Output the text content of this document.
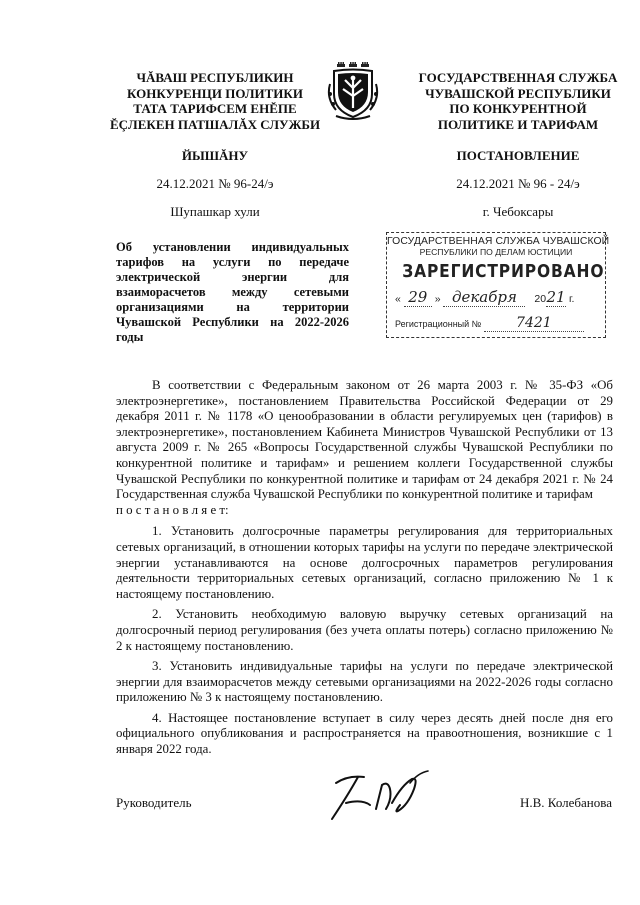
ЧĂВАШ РЕСПУБЛИКИН
КОНКУРЕНЦИ ПОЛИТИКИ
ТАТА ТАРИФСЕМ ЕНĔПЕ
ĔÇЛЕКЕН ПАТШАЛĂХ СЛУЖБИ
ЙЫШĂНУ
24.12.2021 № 96-24/э
Шупашкар хули
ГОСУДАРСТВЕННАЯ СЛУЖБА
ЧУВАШСКОЙ РЕСПУБЛИКИ
ПО КОНКУРЕНТНОЙ
ПОЛИТИКЕ И ТАРИФАМ
ПОСТАНОВЛЕНИЕ
24.12.2021 № 96 - 24/э
г. Чебоксары
Об установлении индивидуальных
тарифов на услуги по передаче
электрической энергии для
взаиморасчетов между сетевыми
организациями на территории
Чувашской Республики на 2022-2026
годы
ГОСУДАРСТВЕННАЯ СЛУЖБА ЧУВАШСКОЙ
РЕСПУБЛИКИ ПО ДЕЛАМ ЮСТИЦИИ
ЗАРЕГИСТРИРОВАНО
« 29 » декабря 2021 г.
Регистрационный № 7421

В соответствии с Федеральным законом от 26 марта 2003 г. № 35-ФЗ «Об электроэнергетике», постановлением Правительства Российской Федерации от 29 декабря 2011 г. № 1178 «О ценообразовании в области регулируемых цен (тарифов) в электроэнергетике», постановлением Кабинета Министров Чувашской Республики от 13 августа 2009 г. № 265 «Вопросы Государственной службы Чувашской Республики по конкурентной политике и тарифам» и решением коллеги Государственной службы Чувашской Республики по конкурентной политике и тарифам от 24 декабря 2021 г. № 24 Государственная служба Чувашской Республики по конкурентной политике и тарифам

п о с т а н о в л я е т:

1. Установить долгосрочные параметры регулирования для территориальных сетевых организаций, в отношении которых тарифы на услуги по передаче электрической энергии устанавливаются на основе долгосрочных параметров регулирования деятельности территориальных сетевых организаций, согласно приложению № 1 к настоящему постановлению.

2. Установить необходимую валовую выручку сетевых организаций на долгосрочный период регулирования (без учета оплаты потерь) согласно приложению № 2 к настоящему постановлению.

3. Установить индивидуальные тарифы на услуги по передаче электрической энергии для взаиморасчетов между сетевыми организациями на 2022-2026 годы согласно приложению № 3 к настоящему постановлению.

4. Настоящее постановление вступает в силу через десять дней после дня его официального опубликования и распространяется на правоотношения, возникшие с 1 января 2022 года.

Руководитель	Н.В. Колебанова
